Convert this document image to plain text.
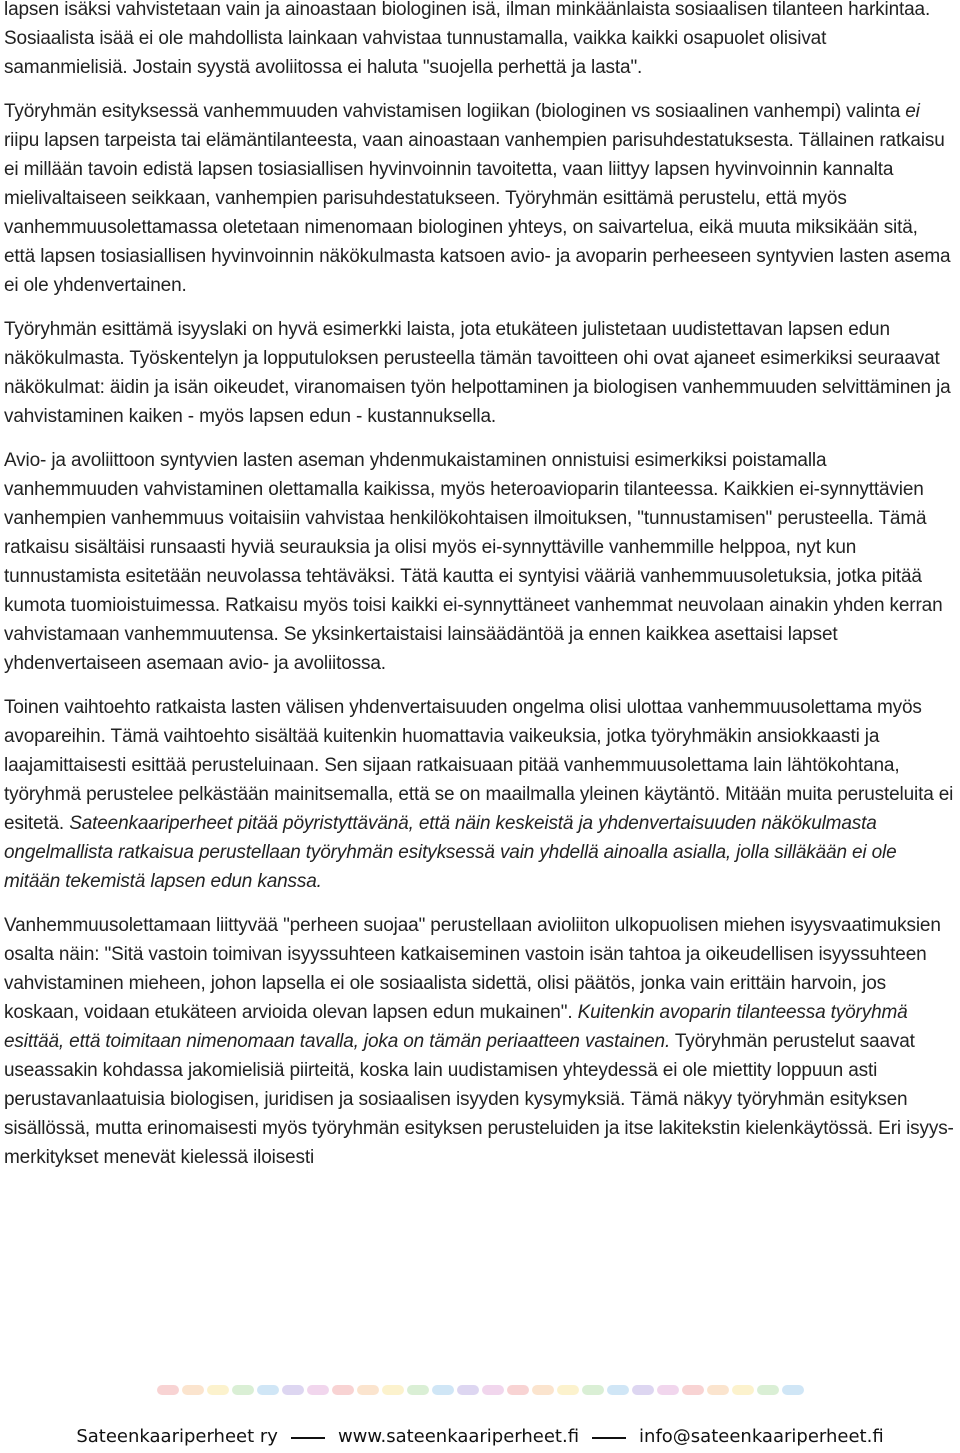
lapsen isäksi vahvistetaan vain ja ainoastaan biologinen isä, ilman minkäänlaista sosiaalisen tilanteen harkintaa. Sosiaalista isää ei ole mahdollista lainkaan vahvistaa tunnustamalla, vaikka kaikki osapuolet olisivat samanmielisiä. Jostain syystä avoliitossa ei haluta "suojella perhettä ja lasta".

Työryhmän esityksessä vanhemmuuden vahvistamisen logiikan (biologinen vs sosiaalinen vanhempi) valinta ei riipu lapsen tarpeista tai elämäntilanteesta, vaan ainoastaan vanhempien parisuhdestatuksesta. Tällainen ratkaisu ei millään tavoin edistä lapsen tosiasiallisen hyvinvoinnin tavoitetta, vaan liittyy lapsen hyvinvoinnin kannalta mielivaltaiseen seikkaan, vanhempien parisuhdestatukseen. Työryhmän esittämä perustelu, että myös vanhemmuusolettamassa oletetaan nimenomaan biologinen yhteys, on saivartelua, eikä muuta miksikään sitä, että lapsen tosiasiallisen hyvinvoinnin näkökulmasta katsoen avio- ja avoparin perheeseen syntyvien lasten asema ei ole yhdenvertainen.

Työryhmän esittämä isyyslaki on hyvä esimerkki laista, jota etukäteen julistetaan uudistettavan lapsen edun näkökulmasta. Työskentelyn ja lopputuloksen perusteella tämän tavoitteen ohi ovat ajaneet esimerkiksi seuraavat näkökulmat: äidin ja isän oikeudet, viranomaisen työn helpottaminen ja biologisen vanhemmuuden selvittäminen ja vahvistaminen kaiken - myös lapsen edun - kustannuksella.

Avio- ja avoliittoon syntyvien lasten aseman yhdenmukaistaminen onnistuisi esimerkiksi poistamalla vanhemmuuden vahvistaminen olettamalla kaikissa, myös heteroavioparin tilanteessa. Kaikkien ei-synnyttävien vanhempien vanhemmuus voitaisiin vahvistaa henkilökohtaisen ilmoituksen, "tunnustamisen" perusteella. Tämä ratkaisu sisältäisi runsaasti hyviä seurauksia ja olisi myös ei-synnyttäville vanhemmille helppoa, nyt kun tunnustamista esitetään neuvolassa tehtäväksi. Tätä kautta ei syntyisi vääriä vanhemmuusoletuksia, jotka pitää kumota tuomioistuimessa. Ratkaisu myös toisi kaikki ei-synnyttäneet vanhemmat neuvolaan ainakin yhden kerran vahvistamaan vanhemmuutensa. Se yksinkertaistaisi lainsäädäntöä ja ennen kaikkea asettaisi lapset yhdenvertaiseen asemaan avio- ja avoliitossa.

Toinen vaihtoehto ratkaista lasten välisen yhdenvertaisuuden ongelma olisi ulottaa vanhemmuusolettama myös avopareihin. Tämä vaihtoehto sisältää kuitenkin huomattavia vaikeuksia, jotka työryhmäkin ansiokkaasti ja laajamittaisesti esittää perusteluinaan. Sen sijaan ratkaisuaan pitää vanhemmuusolettama lain lähtökohtana, työryhmä perustelee pelkästään mainitsemalla, että se on maailmalla yleinen käytäntö. Mitään muita perusteluita ei esitetä. Sateenkaariperheet pitää pöyristyttävänä, että näin keskeistä ja yhdenvertaisuuden näkökulmasta ongelmallista ratkaisua perustellaan työryhmän esityksessä vain yhdellä ainoalla asialla, jolla silläkään ei ole mitään tekemistä lapsen edun kanssa.

Vanhemmuusolettamaan liittyvää "perheen suojaa" perustellaan avioliiton ulkopuolisen miehen isyysvaatimuksien osalta näin: "Sitä vastoin toimivan isyyssuhteen katkaiseminen vastoin isän tahtoa ja oikeudellisen isyyssuhteen vahvistaminen mieheen, johon lapsella ei ole sosiaalista sidettä, olisi päätös, jonka vain erittäin harvoin, jos koskaan, voidaan etukäteen arvioida olevan lapsen edun mukainen". Kuitenkin avoparin tilanteessa työryhmä esittää, että toimitaan nimenomaan tavalla, joka on tämän periaatteen vastainen. Työryhmän perustelut saavat useassakin kohdassa jakomielisiä piirteitä, koska lain uudistamisen yhteydessä ei ole miettity loppuun asti perustavanlaatuisia biologisen, juridisen ja sosiaalisen isyyden kysymyksiä. Tämä näkyy työryhmän esityksen sisällössä, mutta erinomaisesti myös työryhmän esityksen perusteluiden ja itse lakitekstin kielenkäytössä. Eri isyys-merkitykset menevät kielessä iloisesti

Sateenkaariperheet ry	www.sateenkaariperheet.fi	info@sateenkaariperheet.fi
